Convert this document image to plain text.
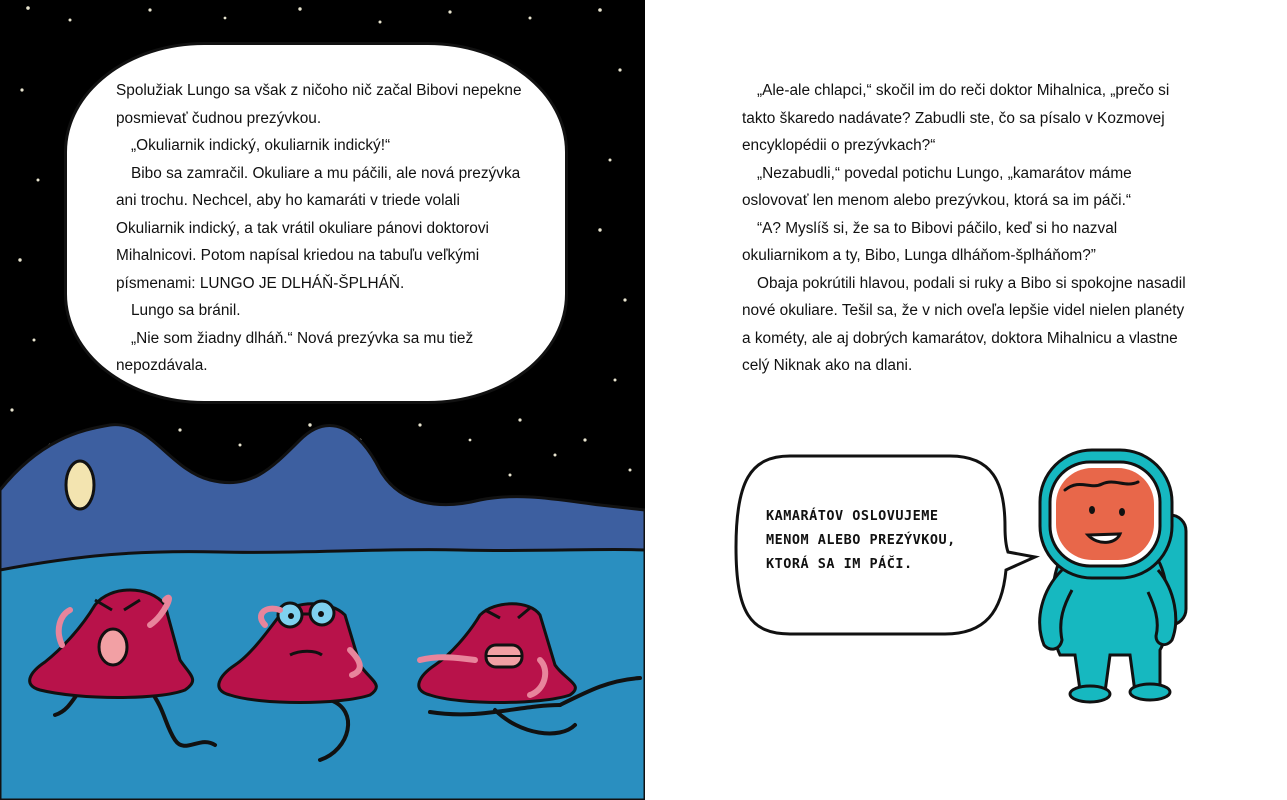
Spolužiak Lungo sa však z ničoho nič začal Bibovi nepekne posmievať čudnou prezývkou.

„Okuliarnik indický, okuliarnik indický!“

Bibo sa zamračil. Okuliare a mu páčili, ale nová prezývka ani trochu. Nechcel, aby ho kamaráti v triede volali Okuliarnik indický, a tak vrátil okuliare pánovi doktorovi Mihalnicovi. Potom napísal kriedou na tabuľu veľkými písmenami: LUNGO JE DLHÁŇ-ŠPLHÁŇ.

Lungo sa bránil.

„Nie som žiadny dlháň.“ Nová prezývka sa mu tiež nepozdávala.

„Ale-ale chlapci,“ skočil im do reči doktor Mihalnica, „prečo si takto škaredo nadávate? Zabudli ste, čo sa písalo v Kozmovej encyklopédii o prezývkach?“

„Nezabudli,“ povedal potichu Lungo, „kamarátov máme oslovovať len menom alebo prezývkou, ktorá sa im páči.“

“A? Myslíš si, že sa to Bibovi páčilo, keď si ho nazval okuliarnikom a ty, Bibo, Lunga dlháňom-šplháňom?”

Obaja pokrútili hlavou, podali si ruky a Bibo si spokojne nasadil nové okuliare. Tešil sa, že v nich oveľa lepšie videl nielen planéty a kométy, ale aj dobrých kamarátov, doktora Mihalnicu a vlastne celý Niknak ako na dlani.

KAMARÁTOV OSLOVUJEME
MENOM ALEBO PREZÝVKOU,
KTORÁ SA IM PÁČI.
